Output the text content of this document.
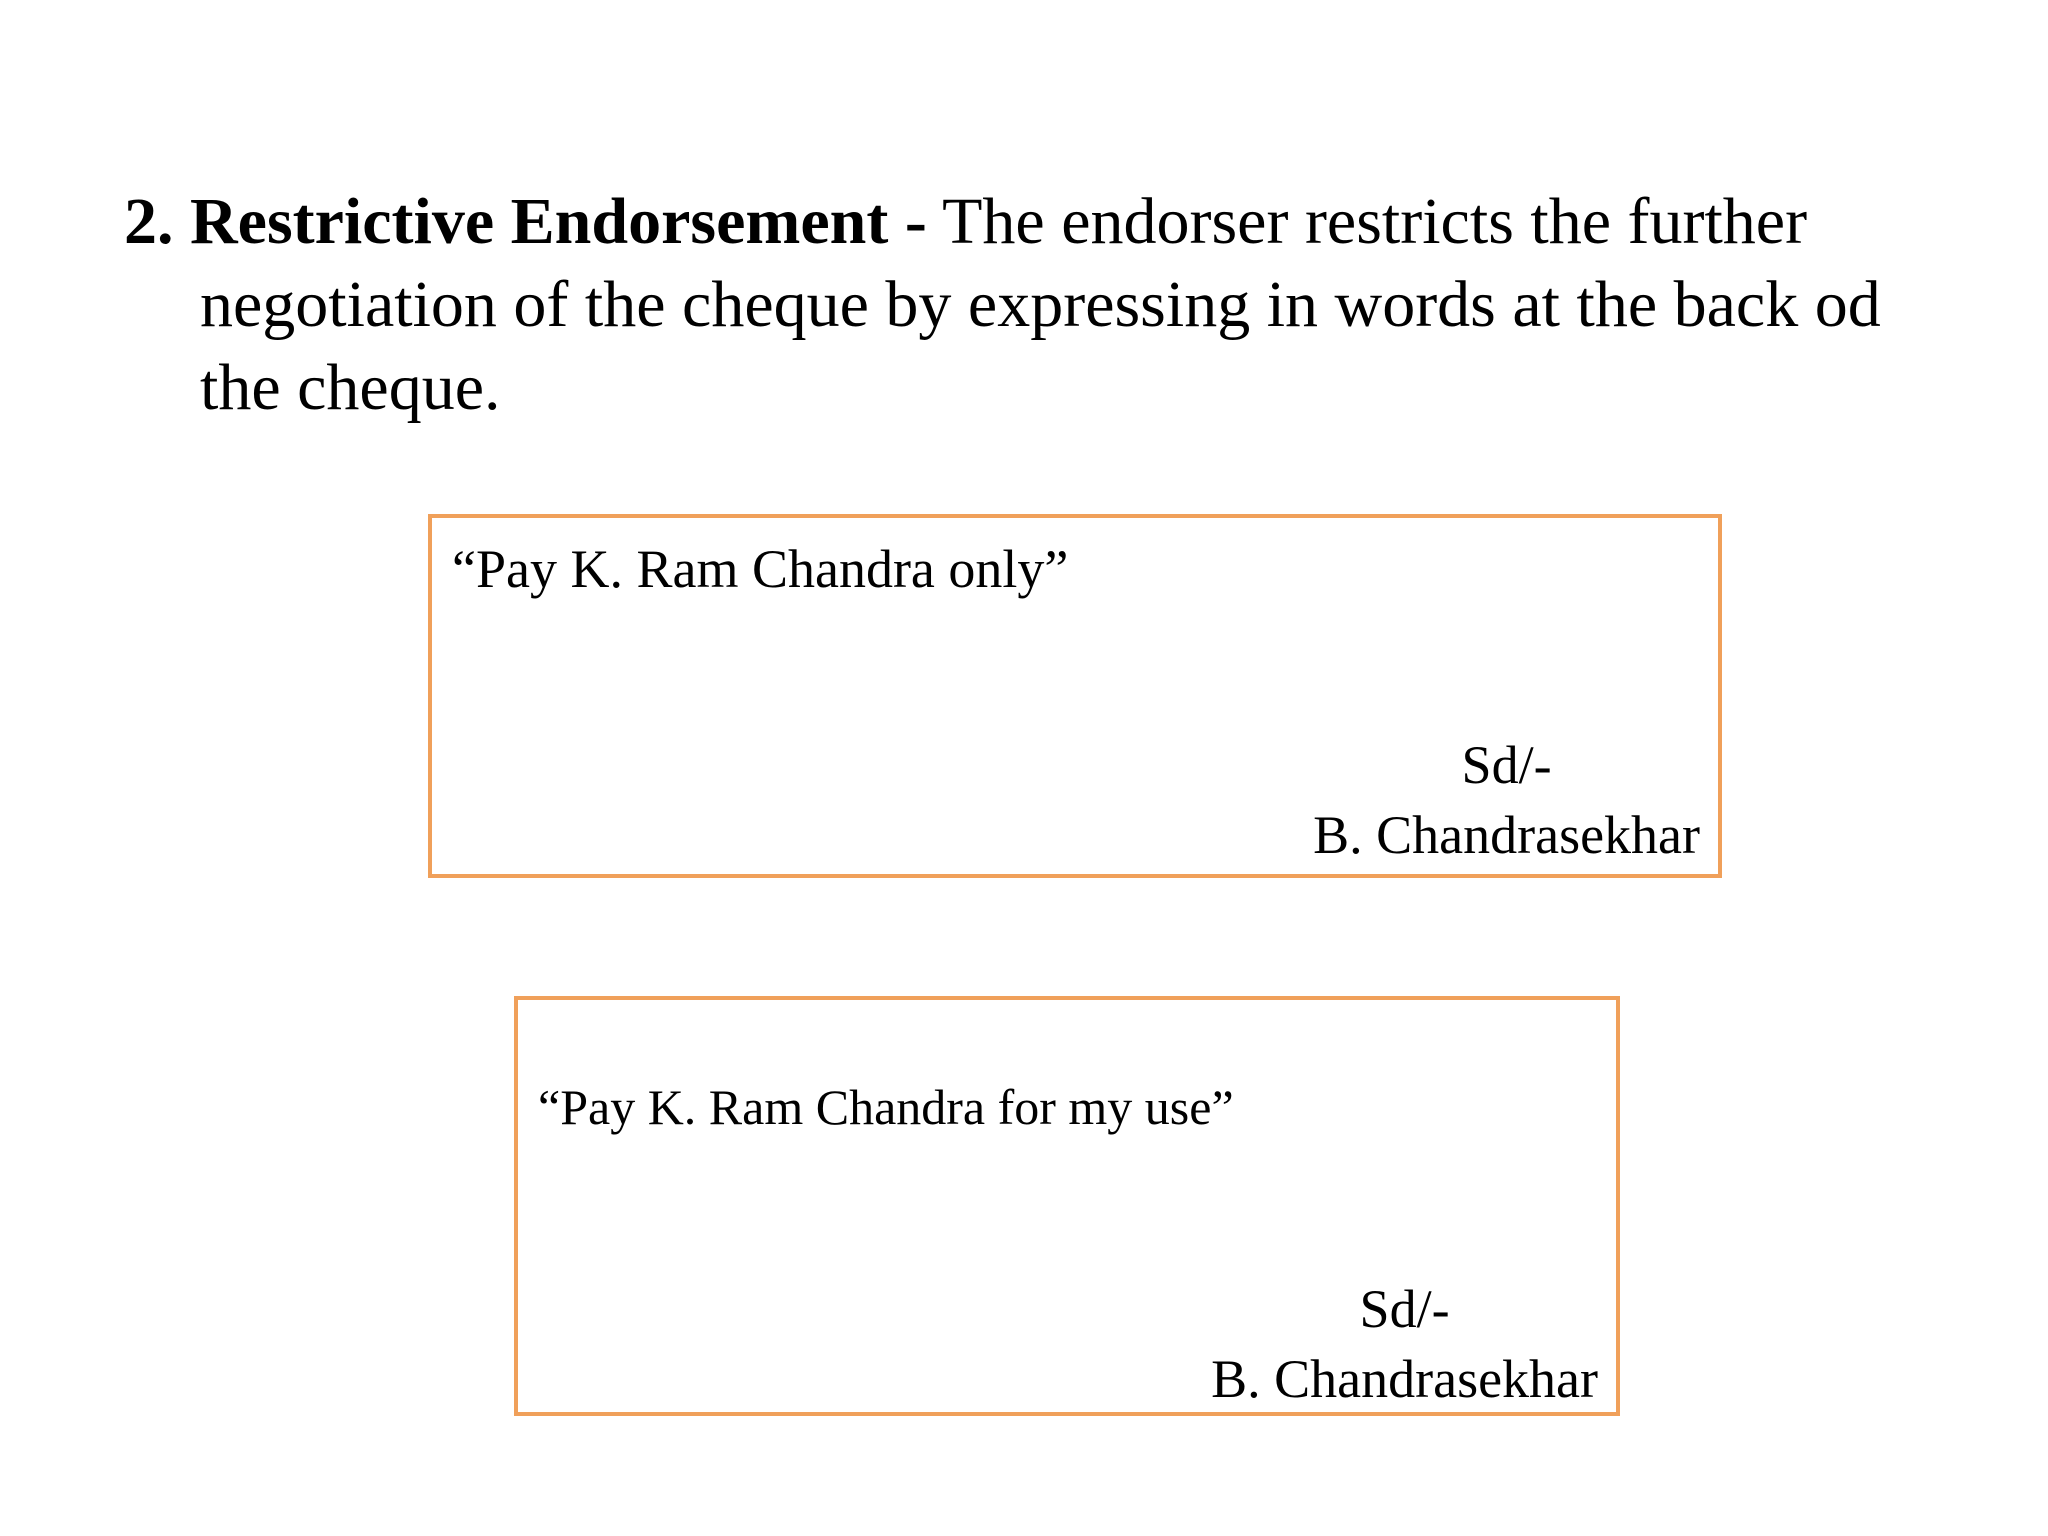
2. Restrictive Endorsement - The endorser restricts the further negotiation of the cheque by expressing in words at the back od the cheque.
“Pay K. Ram Chandra only”
Sd/-
B. Chandrasekhar
“Pay K. Ram Chandra for my use”
Sd/-
B. Chandrasekhar
